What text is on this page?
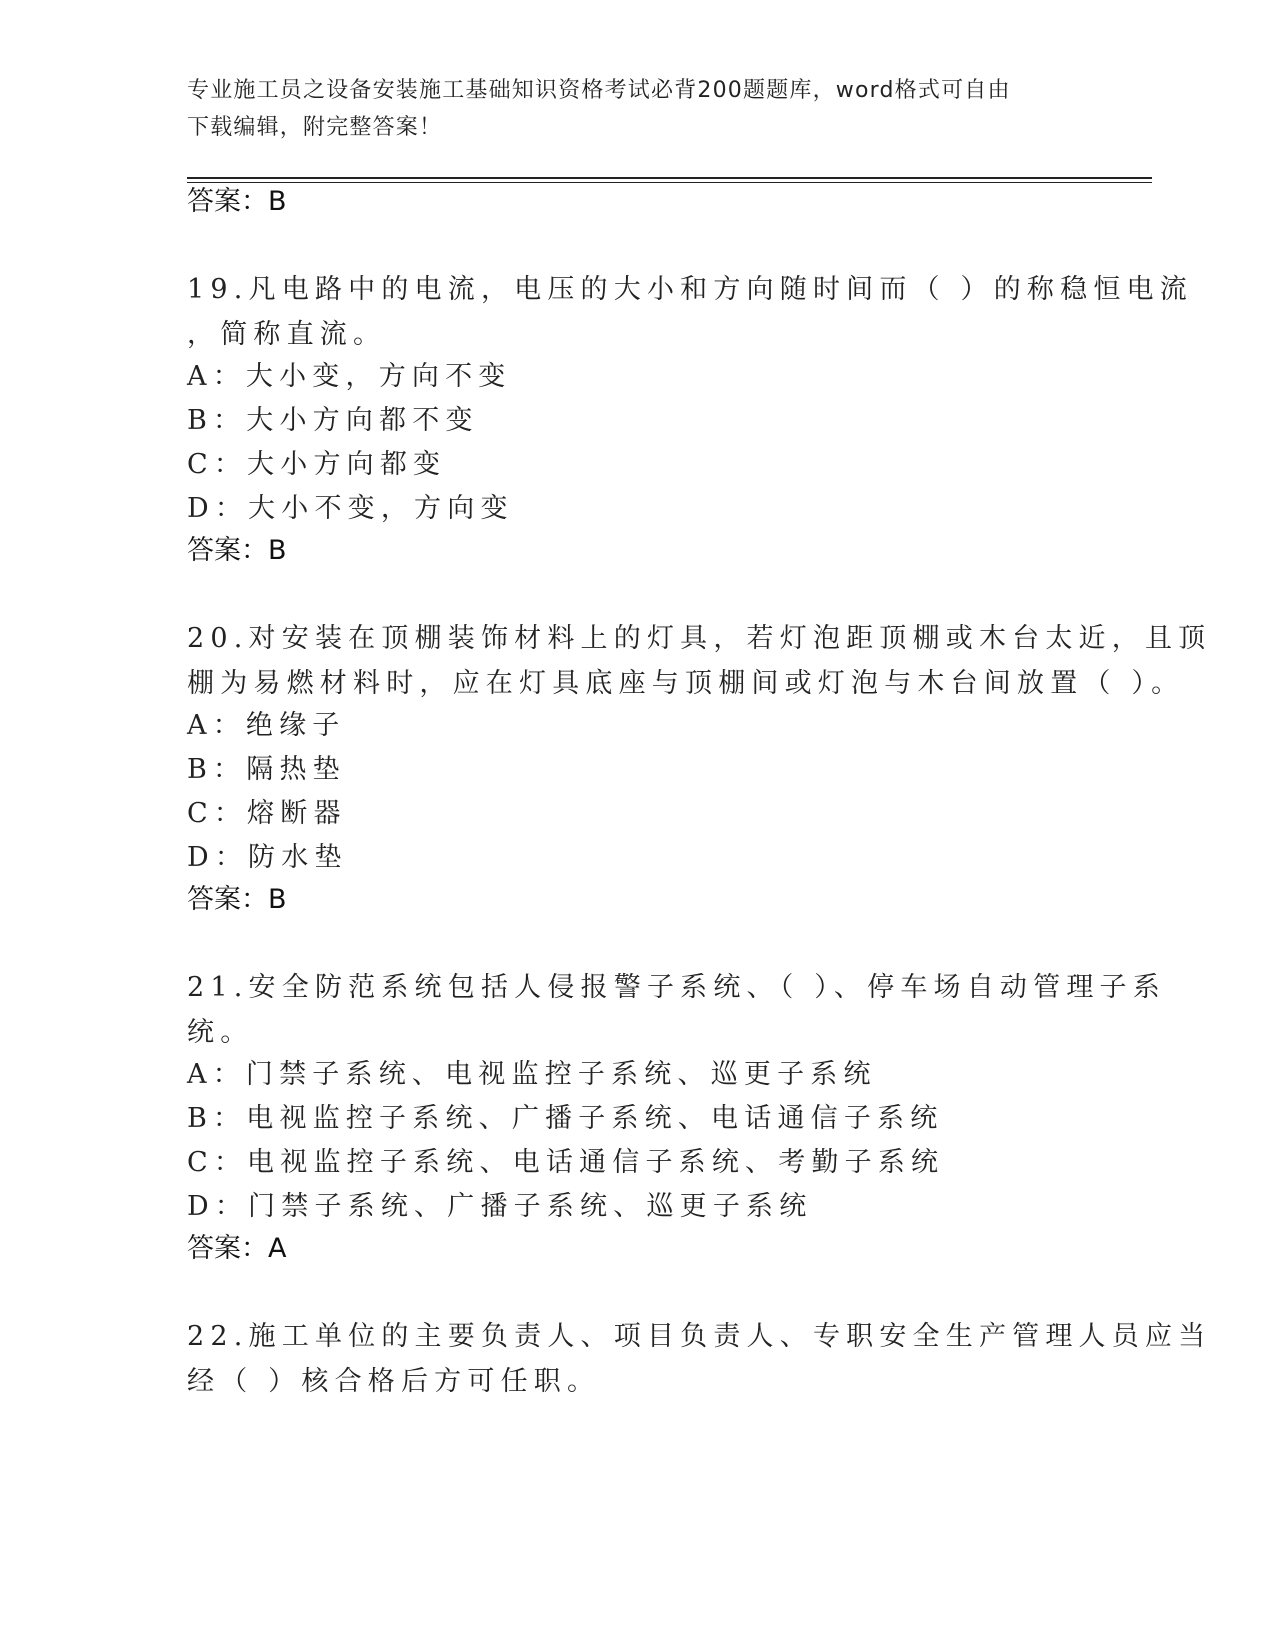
专业施工员之设备安装施工基础知识资格考试必背200题题库，word格式可自由
下载编辑，附完整答案！
答案：B
19.凡电路中的电流，电压的大小和方向随时间而（ ）的称稳恒电流
，简称直流。
A：大小变，方向不变
B：大小方向都不变
C：大小方向都变
D：大小不变，方向变
答案：B
20.对安装在顶棚装饰材料上的灯具，若灯泡距顶棚或木台太近，且顶
棚为易燃材料时，应在灯具底座与顶棚间或灯泡与木台间放置（ ）。
A：绝缘子
B：隔热垫
C：熔断器
D：防水垫
答案：B
21.安全防范系统包括人侵报警子系统、（ ）、停车场自动管理子系
统。
A：门禁子系统、电视监控子系统、巡更子系统
B：电视监控子系统、广播子系统、电话通信子系统
C：电视监控子系统、电话通信子系统、考勤子系统
D：门禁子系统、广播子系统、巡更子系统
答案：A
22.施工单位的主要负责人、项目负责人、专职安全生产管理人员应当
经（ ）核合格后方可任职。
